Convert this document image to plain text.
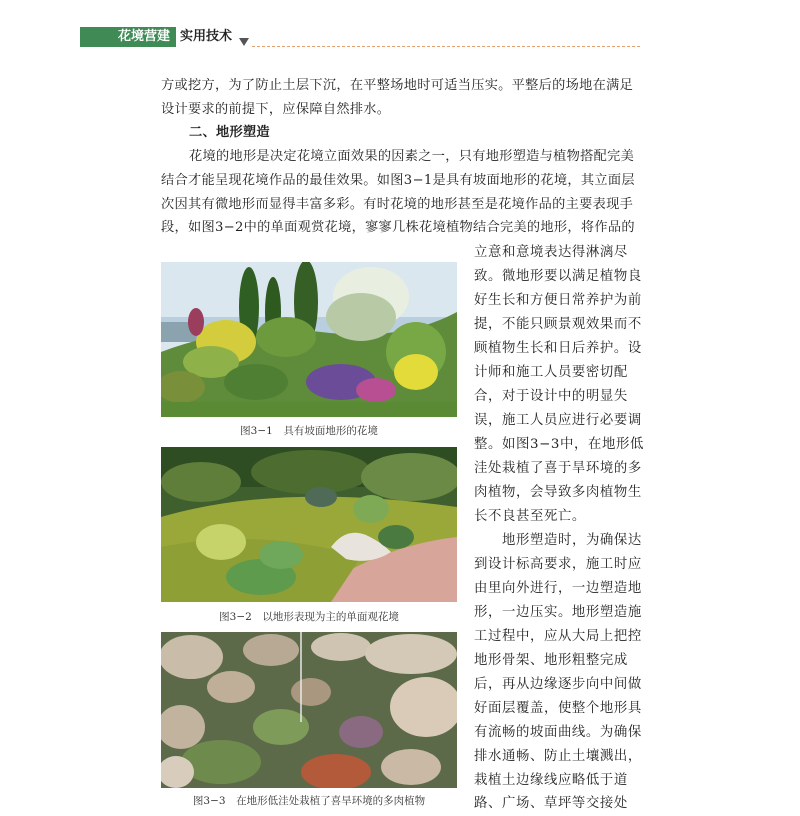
花境营建 实用技术
方或挖方，为了防止土层下沉，在平整场地时可适当压实。平整后的场地在满足
设计要求的前提下，应保障自然排水。
二、地形塑造
花境的地形是决定花境立面效果的因素之一，只有地形塑造与植物搭配完美
结合才能呈现花境作品的最佳效果。如图3−1是具有坡面地形的花境，其立面层
次因其有微地形而显得丰富多彩。有时花境的地形甚至是花境作品的主要表现手
段，如图3−2中的单面观赏花境，寥寥几株花境植物结合完美的地形，将作品的
图3−1　具有坡面地形的花境
图3−2　以地形表现为主的单面观花境
图3−3　在地形低洼处栽植了喜旱环境的多肉植物
立意和意境表达得淋漓尽
致。微地形要以满足植物良
好生长和方便日常养护为前
提，不能只顾景观效果而不
顾植物生长和日后养护。设
计师和施工人员要密切配
合，对于设计中的明显失
误，施工人员应进行必要调
整。如图3−3中，在地形低
洼处栽植了喜于旱环境的多
肉植物，会导致多肉植物生
长不良甚至死亡。
地形塑造时，为确保达
到设计标高要求，施工时应
由里向外进行，一边塑造地
形，一边压实。地形塑造施
工过程中，应从大局上把控
地形骨架、地形粗整完成
后，再从边缘逐步向中间做
好面层覆盖，使整个地形具
有流畅的坡面曲线。为确保
排水通畅、防止土壤溅出，
栽植土边缘线应略低于道
路、广场、草坪等交接处
